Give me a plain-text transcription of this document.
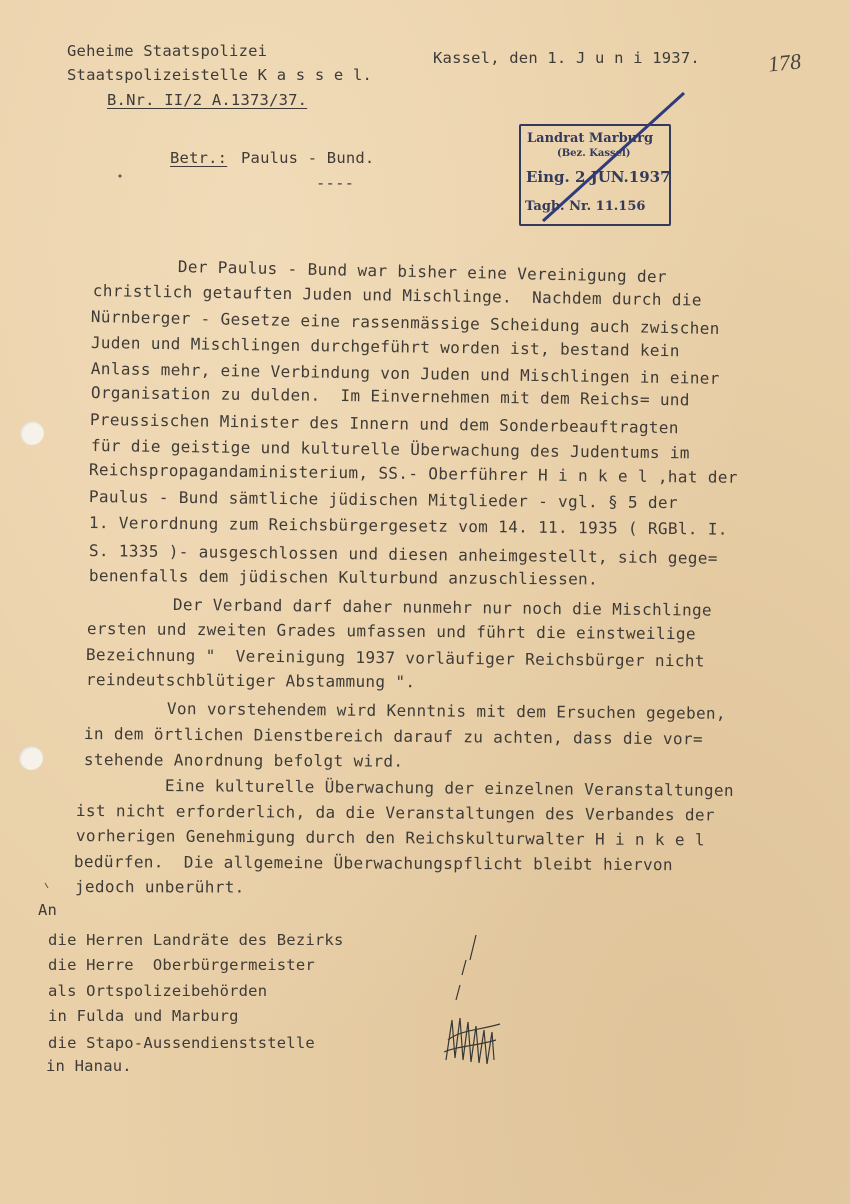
Geheime Staatspolizei
Staatspolizeistelle K a s s e l.
B.Nr. II/2 A.1373/37.
Kassel, den 1. J u n i 1937.	178
Landrat Marburg
(Bez. Kassel)
Eing. 2.JUN.1937
Tagb. Nr. 11.156
Betr.: Paulus - Bund.
----
Der Paulus - Bund war bisher eine Vereinigung der
christlich getauften Juden und Mischlinge.  Nachdem durch die
Nürnberger - Gesetze eine rassenmässige Scheidung auch zwischen
Juden und Mischlingen durchgeführt worden ist, bestand kein
Anlass mehr, eine Verbindung von Juden und Mischlingen in einer
Organisation zu dulden.  Im Einvernehmen mit dem Reichs= und
Preussischen Minister des Innern und dem Sonderbeauftragten
für die geistige und kulturelle Überwachung des Judentums im
Reichspropagandaministerium, SS.- Oberführer H i n k e l ,hat der
Paulus - Bund sämtliche jüdischen Mitglieder - vgl. § 5 der
1. Verordnung zum Reichsbürgergesetz vom 14. 11. 1935 ( RGBl. I.
S. 1335 )- ausgeschlossen und diesen anheimgestellt, sich gege=
benenfalls dem jüdischen Kulturbund anzuschliessen.
Der Verband darf daher nunmehr nur noch die Mischlinge
ersten und zweiten Grades umfassen und führt die einstweilige
Bezeichnung "  Vereinigung 1937 vorläufiger Reichsbürger nicht
reindeutschblütiger Abstammung ".
Von vorstehendem wird Kenntnis mit dem Ersuchen gegeben,
in dem örtlichen Dienstbereich darauf zu achten, dass die vor=
stehende Anordnung befolgt wird.
Eine kulturelle Überwachung der einzelnen Veranstaltungen
ist nicht erforderlich, da die Veranstaltungen des Verbandes der
vorherigen Genehmigung durch den Reichskulturwalter H i n k e l
bedürfen.  Die allgemeine Überwachungspflicht bleibt hiervon
jedoch unberührt.
An
die Herren Landräte des Bezirks
die Herre  Oberbürgermeister
als Ortspolizeibehörden
in Fulda und Marburg
die Stapo-Aussendienststelle
in Hanau.
